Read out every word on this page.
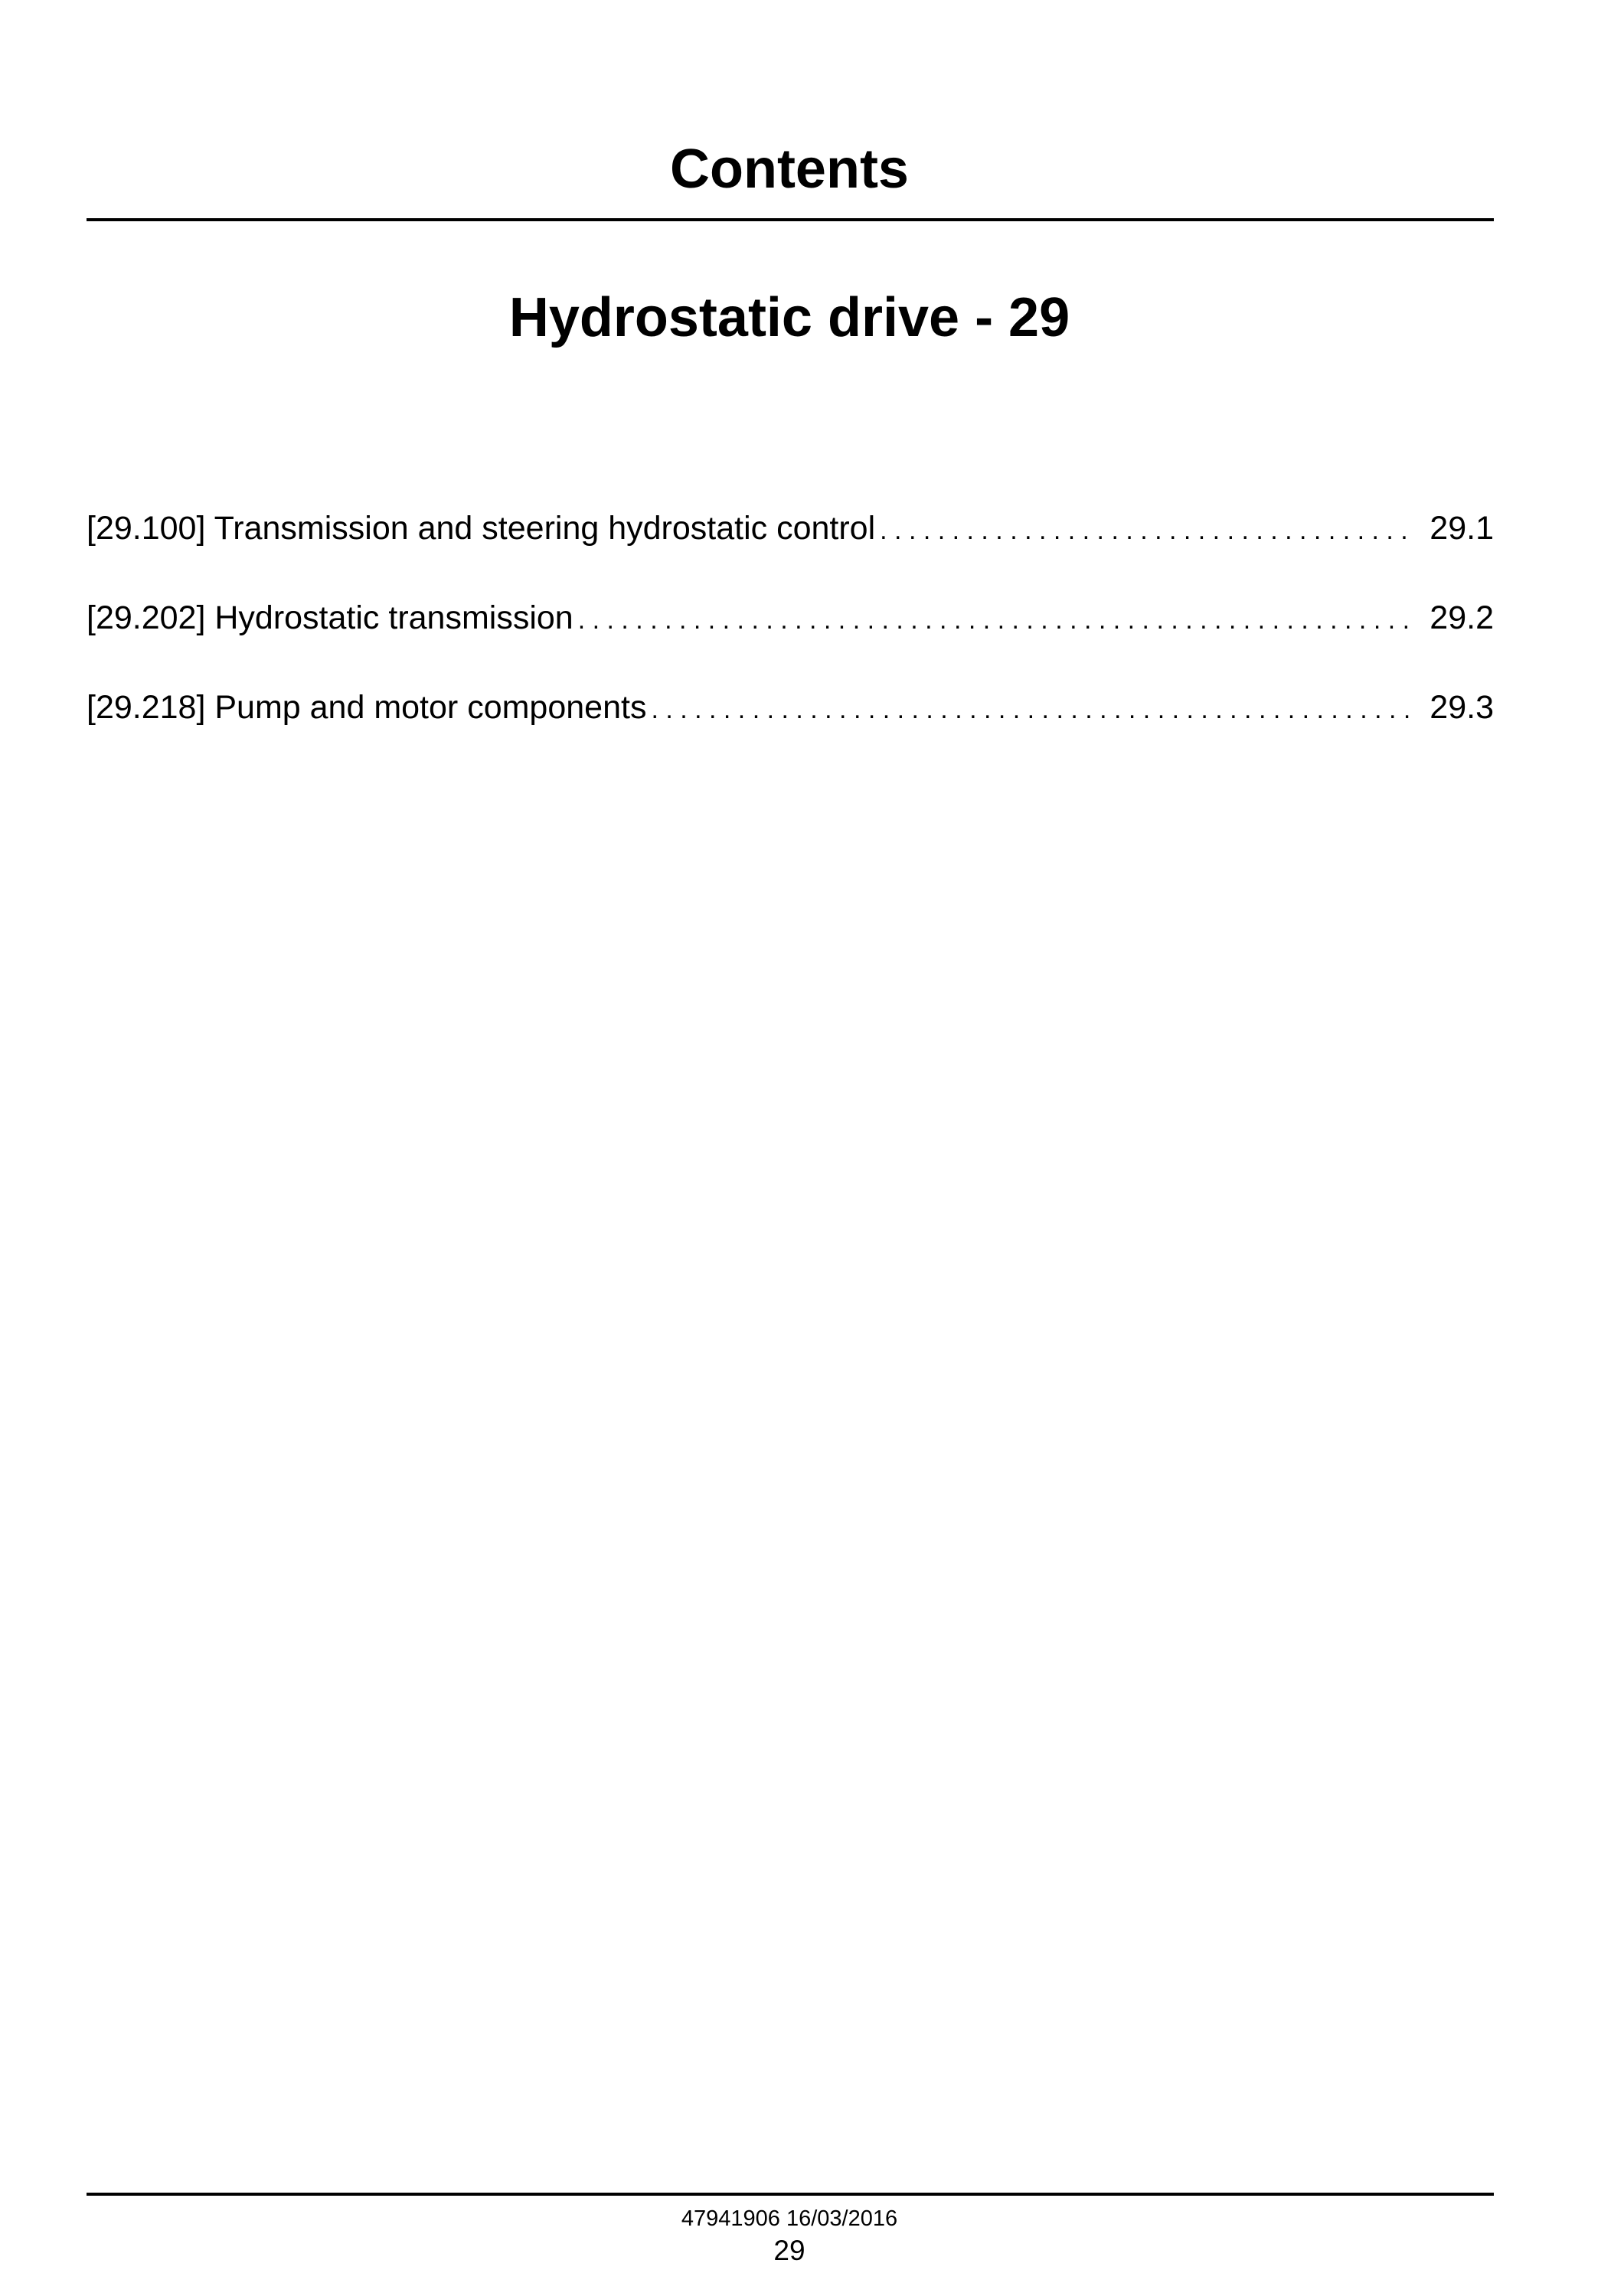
Contents
Hydrostatic drive - 29
[29.100] Transmission and steering hydrostatic control . . .	29.1
[29.202] Hydrostatic transmission . . .	29.2
[29.218] Pump and motor components . . .	29.3
47941906 16/03/2016
29
